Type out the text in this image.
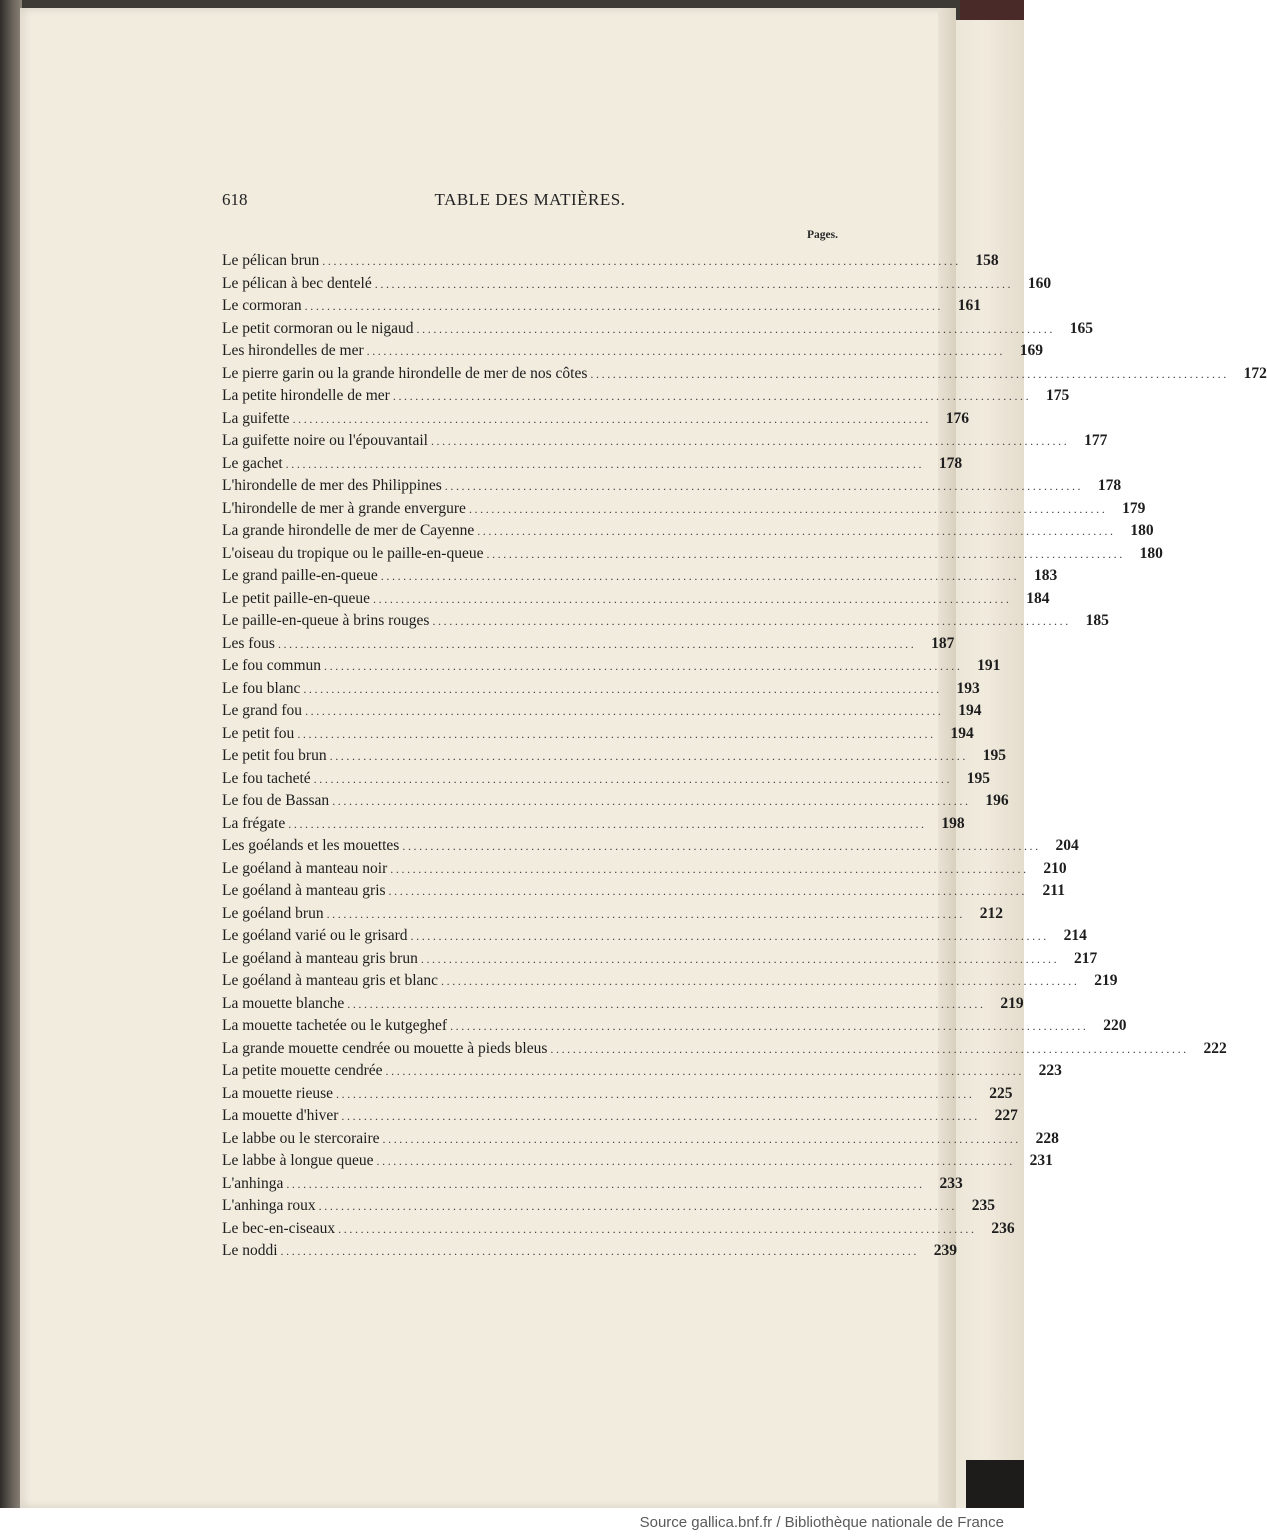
618	TABLE DES MATIÈRES.
Pages.
Le pélican brun .................................................................................................................. 158
Le pélican à bec dentelé .................................................................................................................. 160
Le cormoran .................................................................................................................. 161
Le petit cormoran ou le nigaud .................................................................................................................. 165
Les hirondelles de mer .................................................................................................................. 169
Le pierre garin ou la grande hirondelle de mer de nos côtes .................................................................................................................. 172
La petite hirondelle de mer .................................................................................................................. 175
La guifette .................................................................................................................. 176
La guifette noire ou l'épouvantail .................................................................................................................. 177
Le gachet .................................................................................................................. 178
L'hirondelle de mer des Philippines .................................................................................................................. 178
L'hirondelle de mer à grande envergure .................................................................................................................. 179
La grande hirondelle de mer de Cayenne .................................................................................................................. 180
L'oiseau du tropique ou le paille-en-queue .................................................................................................................. 180
Le grand paille-en-queue .................................................................................................................. 183
Le petit paille-en-queue .................................................................................................................. 184
Le paille-en-queue à brins rouges .................................................................................................................. 185
Les fous .................................................................................................................. 187
Le fou commun .................................................................................................................. 191
Le fou blanc .................................................................................................................. 193
Le grand fou .................................................................................................................. 194
Le petit fou .................................................................................................................. 194
Le petit fou brun .................................................................................................................. 195
Le fou tacheté .................................................................................................................. 195
Le fou de Bassan .................................................................................................................. 196
La frégate .................................................................................................................. 198
Les goélands et les mouettes .................................................................................................................. 204
Le goéland à manteau noir .................................................................................................................. 210
Le goéland à manteau gris ..................................................................................................................	211
Le goéland brun .................................................................................................................. 212
Le goéland varié ou le grisard .................................................................................................................. 214
Le goéland à manteau gris brun .................................................................................................................. 217
Le goéland à manteau gris et blanc .................................................................................................................. 219
La mouette blanche .................................................................................................................. 219
La mouette tachetée ou le kutgeghef .................................................................................................................. 220
La grande mouette cendrée ou mouette à pieds bleus .................................................................................................................. 222
La petite mouette cendrée .................................................................................................................. 223
La mouette rieuse .................................................................................................................. 225
La mouette d'hiver .................................................................................................................. 227
Le labbe ou le stercoraire .................................................................................................................. 228
Le labbe à longue queue .................................................................................................................. 231
L'anhinga .................................................................................................................. 233
L'anhinga roux .................................................................................................................. 235
Le bec-en-ciseaux .................................................................................................................. 236
Le noddi .................................................................................................................. 239
Source gallica.bnf.fr / Bibliothèque nationale de France
